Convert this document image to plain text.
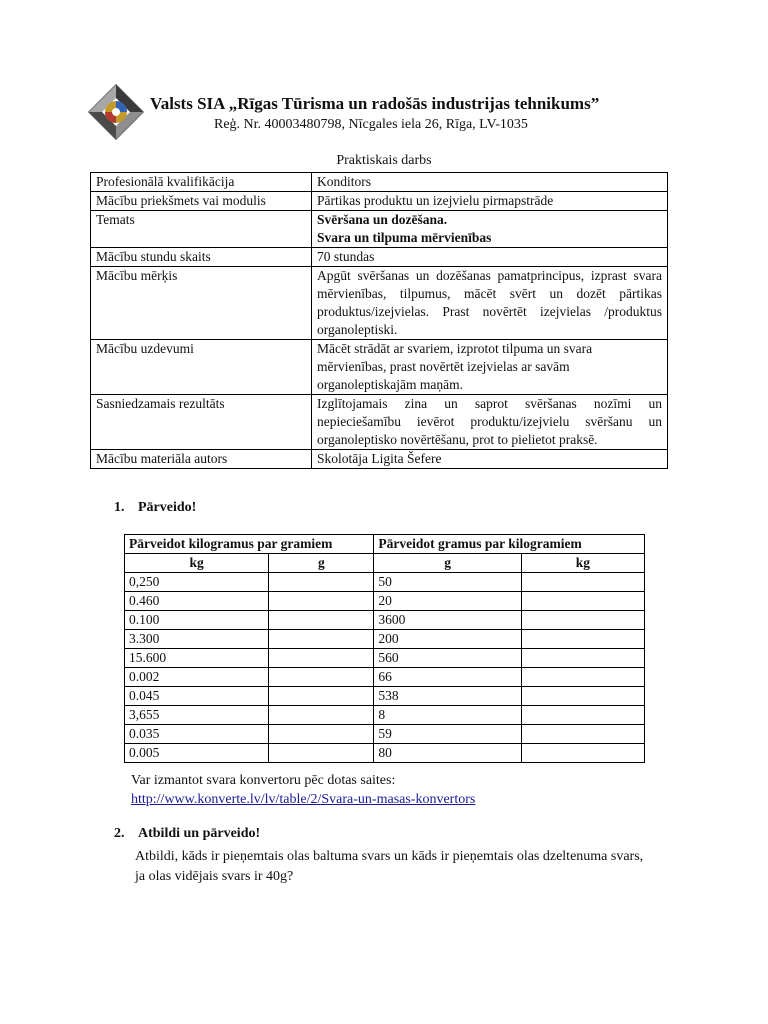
Valsts SIA „Rīgas Tūrisma un radošās industrijas tehnikums”
Reģ. Nr. 40003480798, Nīcgales iela 26, Rīga, LV-1035
Praktiskais darbs
Profesionālā kvalifikācija	Konditors
Mācību priekšmets vai modulis	Pārtikas produktu un izejvielu pirmapstrāde
Temats	Svēršana un dozēšana.
Svara un tilpuma mērvienības

Mācību stundu skaits	70 stundas
Mācību mērķis	Apgūt svēršanas un dozēšanas pamatprincipus, izprast svara mērvienības, tilpumus, mācēt svērt un dozēt pārtikas produktus/izejvielas. Prast novērtēt izejvielas /produktus organoleptiski.
Mācību uzdevumi	Mācēt strādāt ar svariem, izprotot tilpuma un svara mērvienības, prast novērtēt izejvielas ar savām organoleptiskajām maņām.
Sasniedzamais rezultāts	Izglītojamais zina un saprot svēršanas nozīmi un nepieciešamību ievērot produktu/izejvielu svēršanu un organoleptisko novērtēšanu, prot to pielietot praksē.
Mācību materiāla autors	Skolotāja Ligita Šefere
1. Pārveido!
Pārveidot kilogramus par gramiem		Pārveidot gramus par kilogramiem	
kg	g	g	kg
0,250		50	
0.460		20	
0.100		3600	
3.300		200	
15.600		560	
0.002		66	
0.045		538	
3,655		8	
0.035		59	
0.005		80	
Var izmantot svara konvertoru pēc dotas saites:
http://www.konverte.lv/lv/table/2/Svara-un-masas-konvertors
2. Atbildi un pārveido!
Atbildi, kāds ir pieņemtais olas baltuma svars un kāds ir pieņemtais olas dzeltenuma svars, ja olas vidējais svars ir 40g?
